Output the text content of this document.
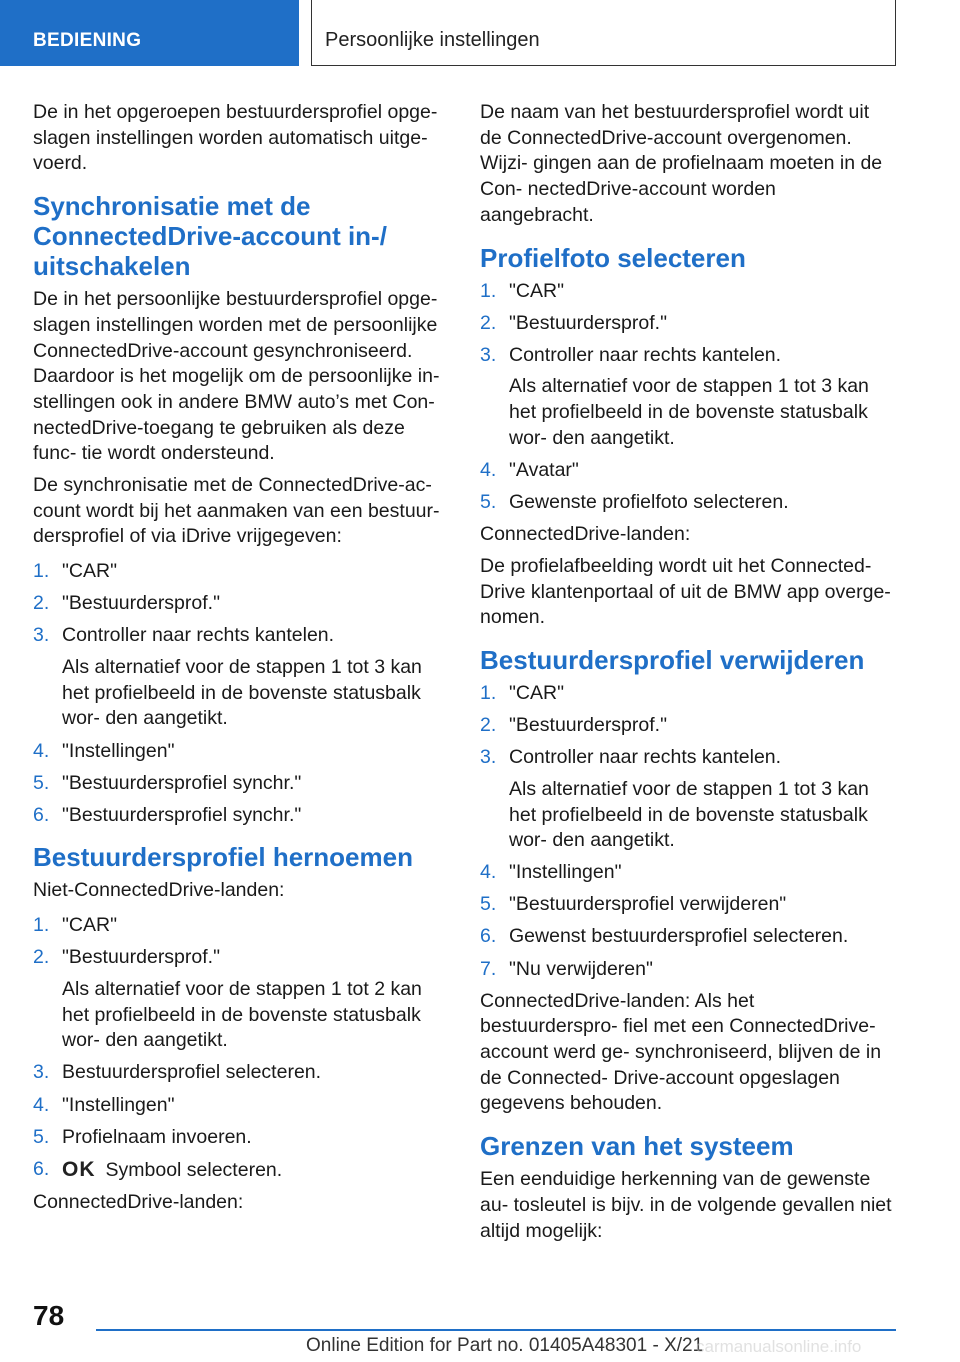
BEDIENING	Persoonlijke instellingen

De in het opgeroepen bestuurdersprofiel opge- slagen instellingen worden automatisch uitge- voerd.

Synchronisatie met de ConnectedDrive-account in-/ uitschakelen

De in het persoonlijke bestuurdersprofiel opge- slagen instellingen worden met de persoonlijke ConnectedDrive-account gesynchroniseerd. Daardoor is het mogelijk om de persoonlijke in- stellingen ook in andere BMW auto’s met Con- nectedDrive-toegang te gebruiken als deze func- tie wordt ondersteund.

De synchronisatie met de ConnectedDrive-ac- count wordt bij het aanmaken van een bestuur- dersprofiel of via iDrive vrijgegeven:

1. "CAR"
2. "Bestuurdersprof."
3. Controller naar rechts kantelen.
Als alternatief voor de stappen 1 tot 3 kan het profielbeeld in de bovenste statusbalk wor- den aangetikt.
4. "Instellingen"
5. "Bestuurdersprofiel synchr."
6. "Bestuurdersprofiel synchr."
Bestuurdersprofiel hernoemen

Niet-ConnectedDrive-landen:

1. "CAR"
2. "Bestuurdersprof."
Als alternatief voor de stappen 1 tot 2 kan het profielbeeld in de bovenste statusbalk wor- den aangetikt.
3. Bestuurdersprofiel selecteren.
4. "Instellingen"
5. Profielnaam invoeren.
6. OK Symbool selecteren.

ConnectedDrive-landen:

De naam van het bestuurdersprofiel wordt uit de ConnectedDrive-account overgenomen. Wijzi- gingen aan de profielnaam moeten in de Con- nectedDrive-account worden aangebracht.

Profielfoto selecteren
1. "CAR"
2. "Bestuurdersprof."
3. Controller naar rechts kantelen.
Als alternatief voor de stappen 1 tot 3 kan het profielbeeld in de bovenste statusbalk wor- den aangetikt.
4. "Avatar"
5. Gewenste profielfoto selecteren.

ConnectedDrive-landen:

De profielafbeelding wordt uit het Connected- Drive klantenportaal of uit de BMW app overge- nomen.

Bestuurdersprofiel verwijderen
1. "CAR"
2. "Bestuurdersprof."
3. Controller naar rechts kantelen.
Als alternatief voor de stappen 1 tot 3 kan het profielbeeld in de bovenste statusbalk wor- den aangetikt.
4. "Instellingen"
5. "Bestuurdersprofiel verwijderen"
6. Gewenst bestuurdersprofiel selecteren.
7. "Nu verwijderen"

ConnectedDrive-landen: Als het bestuurderspro- fiel met een ConnectedDrive-account werd ge- synchroniseerd, blijven de in de Connected- Drive-account opgeslagen gegevens behouden.

Grenzen van het systeem

Een eenduidige herkenning van de gewenste au- tosleutel is bijv. in de volgende gevallen niet altijd mogelijk:

78
Online Edition for Part no. 01405A48301 - X/21
carmanualsonline.info
